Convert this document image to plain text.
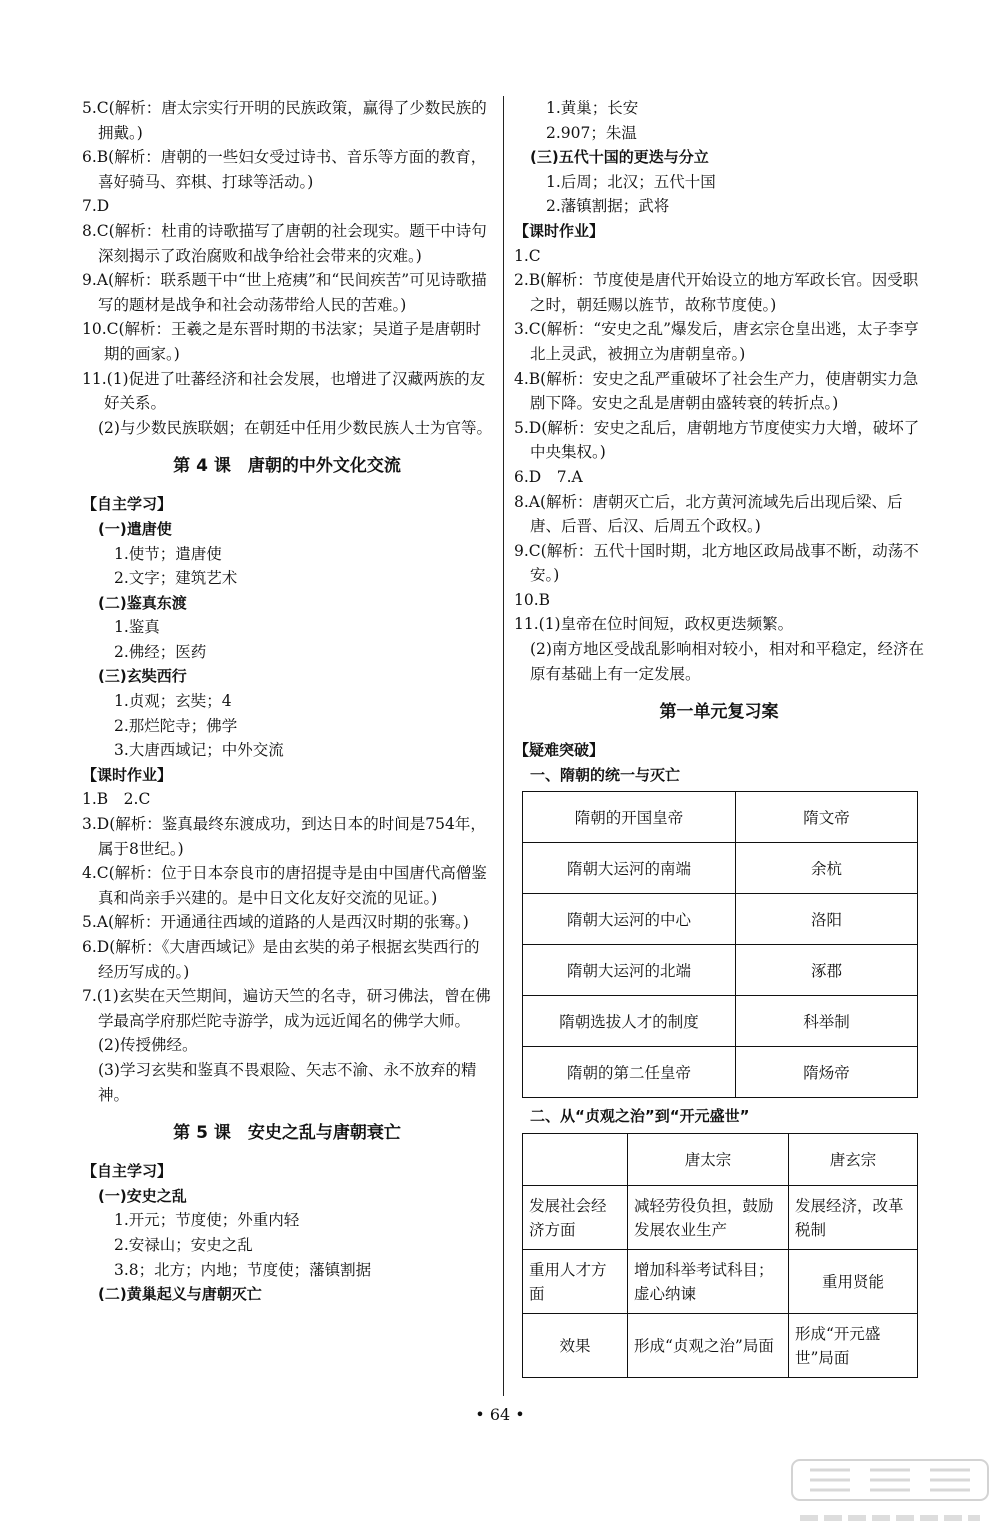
5.C(解析：唐太宗实行开明的民族政策，赢得了少数民族的拥戴。)
6.B(解析：唐朝的一些妇女受过诗书、音乐等方面的教育，喜好骑马、弈棋、打球等活动。)
7.D
8.C(解析：杜甫的诗歌描写了唐朝的社会现实。题干中诗句深刻揭示了政治腐败和战争给社会带来的灾难。)
9.A(解析：联系题干中“世上疮痍”和“民间疾苦”可见诗歌描写的题材是战争和社会动荡带给人民的苦难。)
10.C(解析：王羲之是东晋时期的书法家；吴道子是唐朝时期的画家。)
11.(1)促进了吐蕃经济和社会发展，也增进了汉藏两族的友好关系。
(2)与少数民族联姻；在朝廷中任用少数民族人士为官等。
第 4 课　唐朝的中外文化交流
【自主学习】
(一)遣唐使
1.使节；遣唐使
2.文字；建筑艺术
(二)鉴真东渡
1.鉴真
2.佛经；医药
(三)玄奘西行
1.贞观；玄奘；4
2.那烂陀寺；佛学
3.大唐西域记；中外交流
【课时作业】
1.B　2.C
3.D(解析：鉴真最终东渡成功，到达日本的时间是754年，属于8世纪。)
4.C(解析：位于日本奈良市的唐招提寺是由中国唐代高僧鉴真和尚亲手兴建的。是中日文化友好交流的见证。)
5.A(解析：开通通往西域的道路的人是西汉时期的张骞。)
6.D(解析：《大唐西域记》是由玄奘的弟子根据玄奘西行的经历写成的。)
7.(1)玄奘在天竺期间，遍访天竺的名寺，研习佛法，曾在佛学最高学府那烂陀寺游学，成为远近闻名的佛学大师。
(2)传授佛经。
(3)学习玄奘和鉴真不畏艰险、矢志不渝、永不放弃的精神。
第 5 课　安史之乱与唐朝衰亡
【自主学习】
(一)安史之乱
1.开元；节度使；外重内轻
2.安禄山；安史之乱
3.8；北方；内地；节度使；藩镇割据
(二)黄巢起义与唐朝灭亡
1.黄巢；长安
2.907；朱温
(三)五代十国的更迭与分立
1.后周；北汉；五代十国
2.藩镇割据；武将
【课时作业】
1.C
2.B(解析：节度使是唐代开始设立的地方军政长官。因受职之时，朝廷赐以旌节，故称节度使。)
3.C(解析：“安史之乱”爆发后，唐玄宗仓皇出逃，太子李亨北上灵武，被拥立为唐朝皇帝。)
4.B(解析：安史之乱严重破坏了社会生产力，使唐朝实力急剧下降。安史之乱是唐朝由盛转衰的转折点。)
5.D(解析：安史之乱后，唐朝地方节度使实力大增，破坏了中央集权。)
6.D　7.A
8.A(解析：唐朝灭亡后，北方黄河流域先后出现后梁、后唐、后晋、后汉、后周五个政权。)
9.C(解析：五代十国时期，北方地区政局战事不断，动荡不安。)
10.B
11.(1)皇帝在位时间短，政权更迭频繁。
(2)南方地区受战乱影响相对较小，相对和平稳定，经济在原有基础上有一定发展。
第一单元复习案
【疑难突破】
一、隋朝的统一与灭亡
隋朝的开国皇帝	隋文帝
隋朝大运河的南端	余杭
隋朝大运河的中心	洛阳
隋朝大运河的北端	涿郡
隋朝选拔人才的制度	科举制
隋朝的第二任皇帝	隋炀帝
二、从“贞观之治”到“开元盛世”
	唐太宗	唐玄宗
发展社会经济方面	减轻劳役负担，鼓励发展农业生产	发展经济，改革税制
重用人才方面	增加科举考试科目；虚心纳谏	重用贤能
效果	形成“贞观之治”局面	形成“开元盛世”局面
• 64 •
